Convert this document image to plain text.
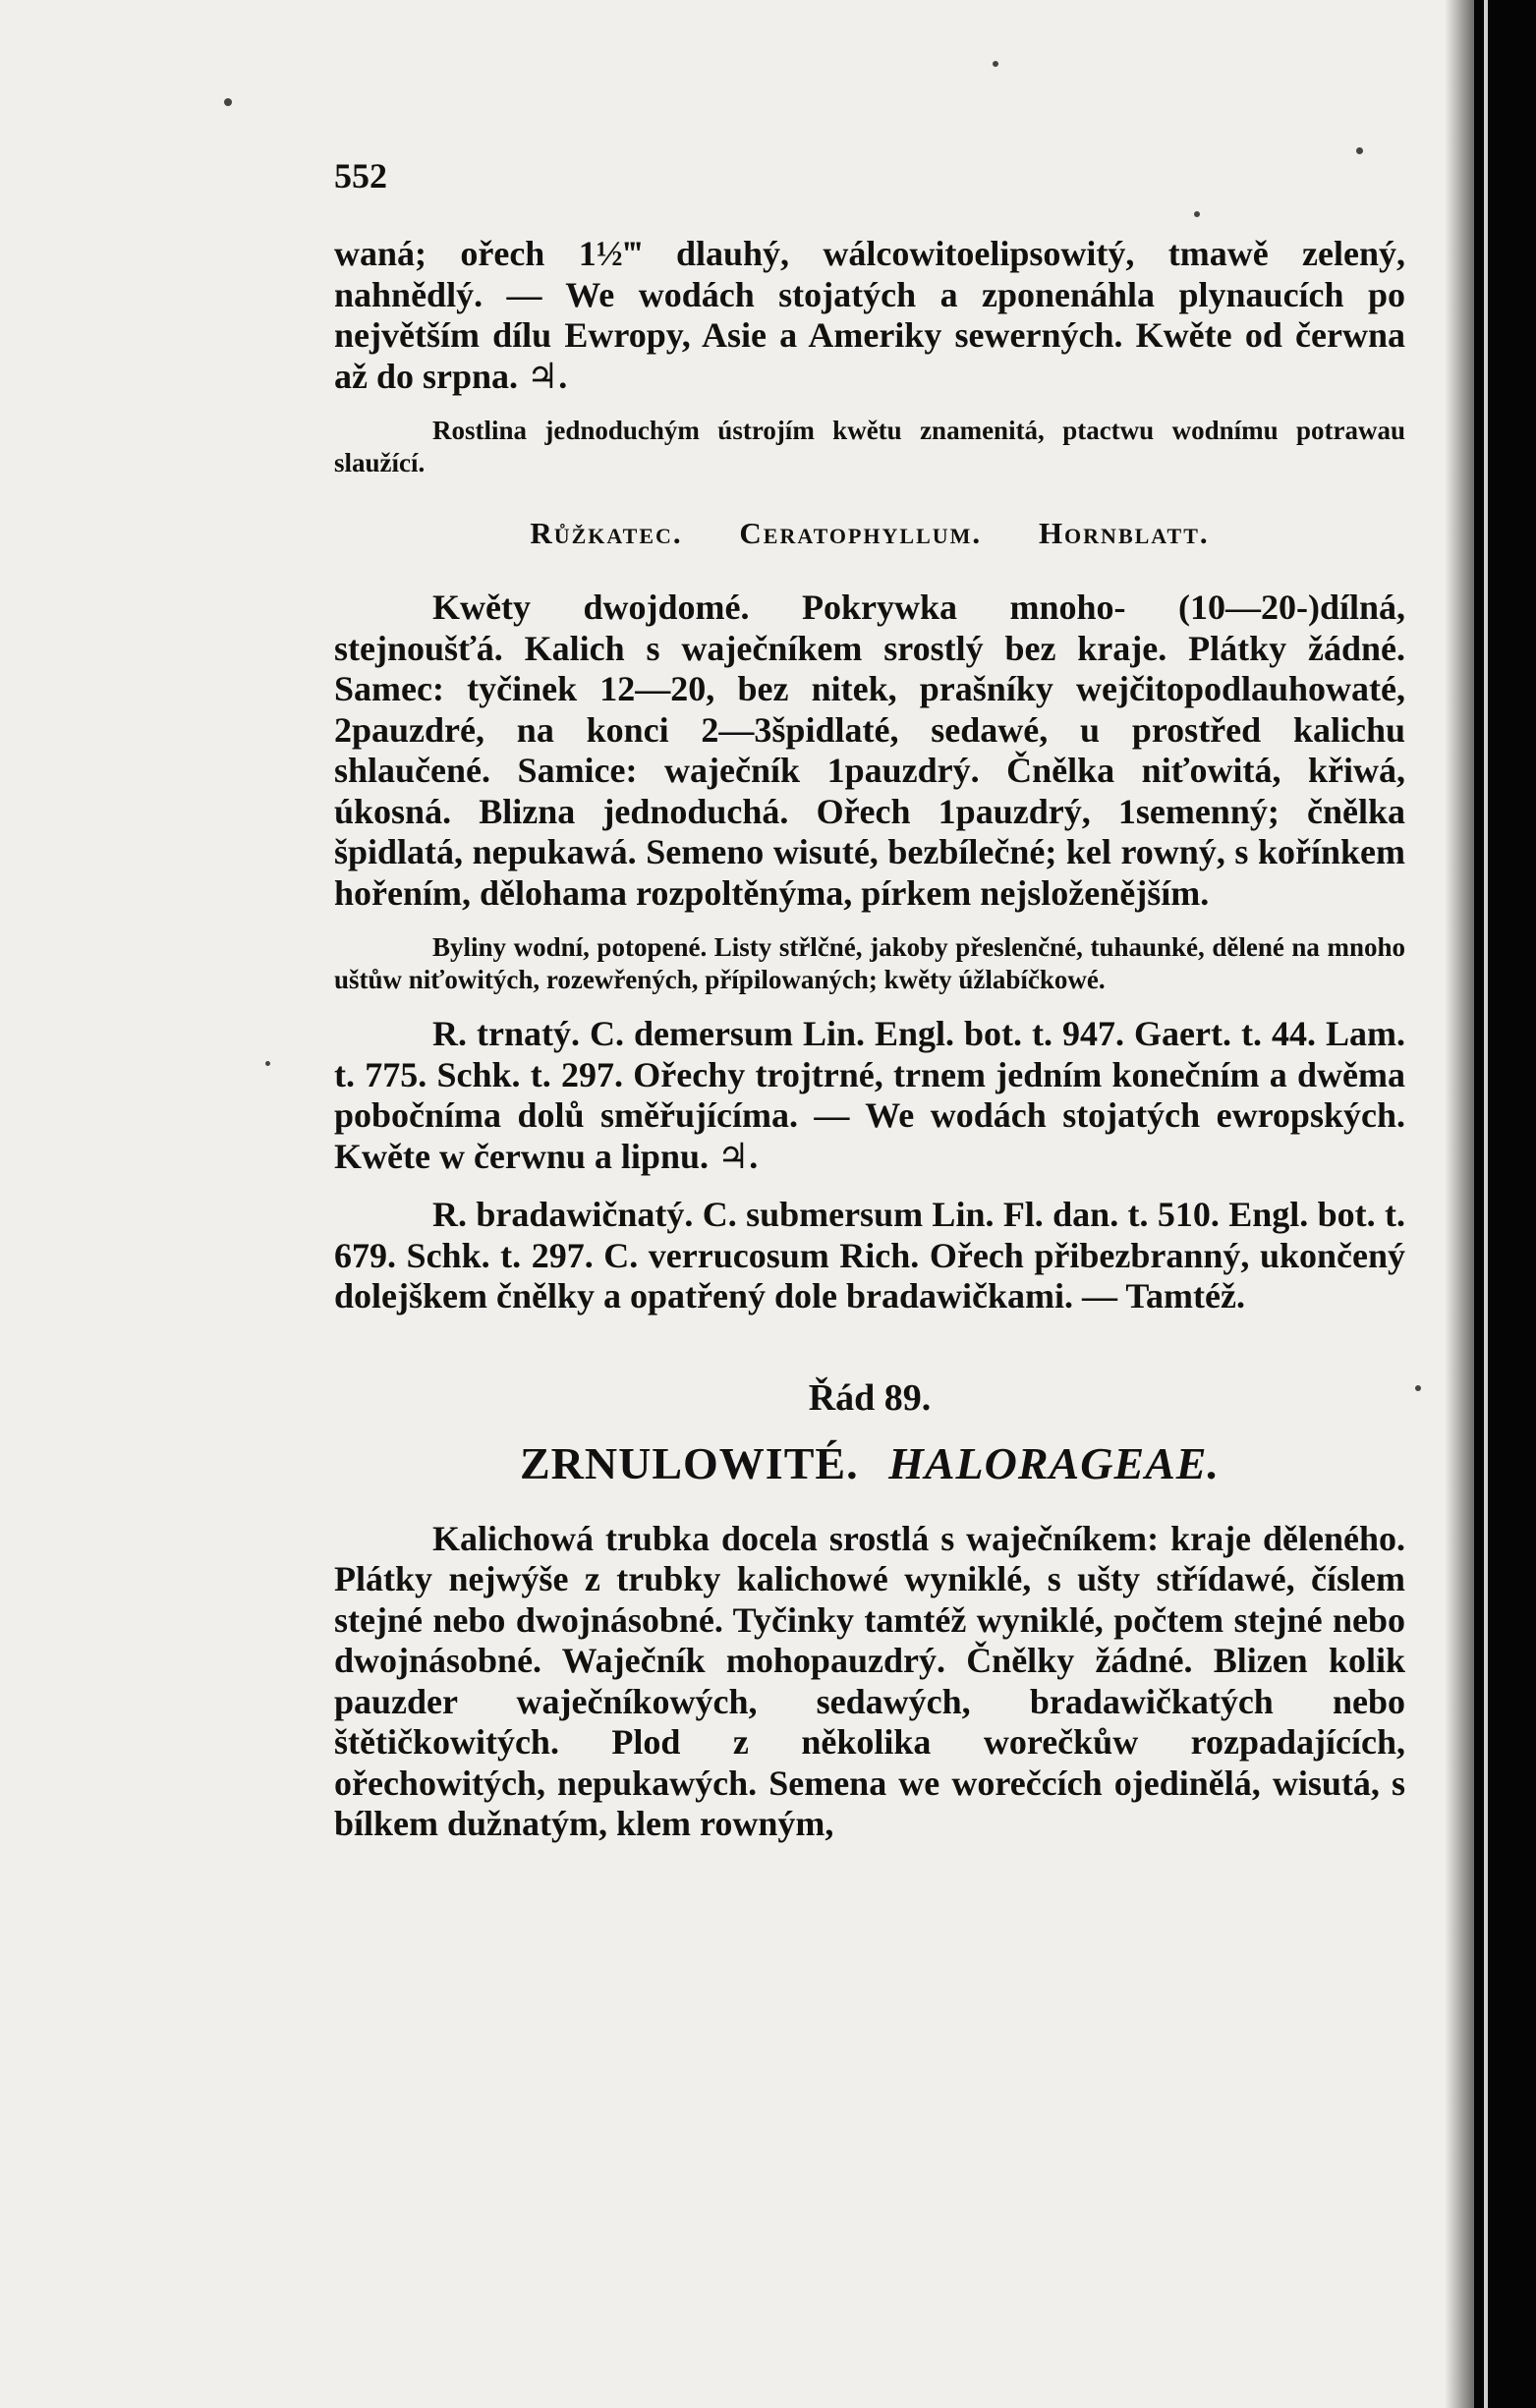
552

waná; ořech 1½‴ dlauhý, wálcowitoelipsowitý, tmawě zelený, nahnědlý. — We wodách stojatých a zponenáhla plynaucích po největším dílu Ewropy, Asie a Ameriky sewerných. Kwěte od čerwna až do srpna. ♃.

Rostlina jednoduchým ústrojím kwětu znamenitá, ptactwu wodnímu potrawau slaužící.

Růžkatec. Ceratophyllum. Hornblatt.

Kwěty dwojdomé. Pokrywka mnoho- (10—20-)dílná, stejnoušťá. Kalich s waječníkem srostlý bez kraje. Plátky žádné. Samec: tyčinek 12—20, bez nitek, prašníky wejčitopodlauhowaté, 2pauzdré, na konci 2—3špidlaté, sedawé, u prostřed kalichu shlaučené. Samice: waječník 1pauzdrý. Čnělka niťowitá, křiwá, úkosná. Blizna jednoduchá. Ořech 1pauzdrý, 1semenný; čnělka špidlatá, nepukawá. Semeno wisuté, bezbílečné; kel rowný, s kořínkem hořením, dělohama rozpoltěnýma, pírkem nejsloženějším.

Byliny wodní, potopené. Listy střlčné, jakoby přeslenčné, tuhaunké, dělené na mnoho uštůw niťowitých, rozewřených, přípilowaných; kwěty úžlabíčkowé.

R. trnatý. C. demersum Lin. Engl. bot. t. 947. Gaert. t. 44. Lam. t. 775. Schk. t. 297. Ořechy trojtrné, trnem jedním konečním a dwěma pobočníma dolů směřujícíma. — We wodách stojatých ewropských. Kwěte w čerwnu a lipnu. ♃.

R. bradawičnatý. C. submersum Lin. Fl. dan. t. 510. Engl. bot. t. 679. Schk. t. 297. C. verrucosum Rich. Ořech přibezbranný, ukončený dolejškem čnělky a opatřený dole bradawičkami. — Tamtéž.

Řád 89.
ZRNULOWITÉ. HALORAGEAE.

Kalichowá trubka docela srostlá s waječníkem: kraje děleného. Plátky nejwýše z trubky kalichowé wyniklé, s ušty střídawé, číslem stejné nebo dwojnásobné. Tyčinky tamtéž wyniklé, počtem stejné nebo dwojnásobné. Waječník mohopauzdrý. Čnělky žádné. Blizen kolik pauzder waječníkowých, sedawých, bradawičkatých nebo štětičkowitých. Plod z několika worečkůw rozpadajících, ořechowitých, nepukawých. Semena we worečcích ojedinělá, wisutá, s bílkem dužnatým, klem rowným,
